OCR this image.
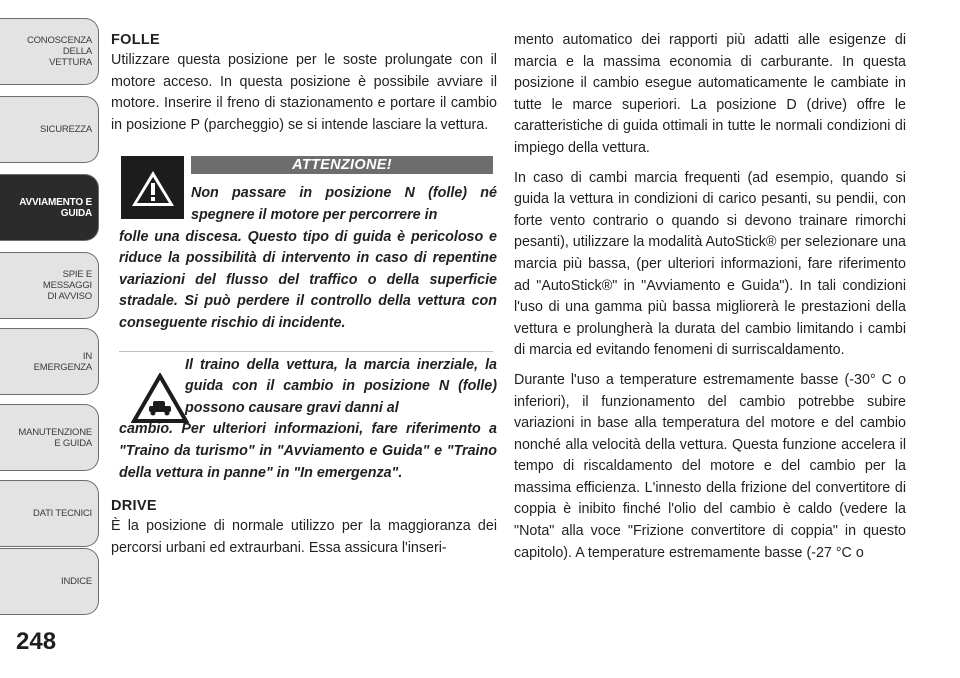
CONOSCENZA DELLA
VETTURA
SICUREZZA
AVVIAMENTO E
GUIDA
SPIE E
MESSAGGI
DI AVVISO
IN
EMERGENZA
MANUTENZIONE
E GUIDA
DATI TECNICI
INDICE
248
FOLLE

Utilizzare questa posizione per le soste prolungate con il motore acceso. In questa posizione è possibile avviare il motore. Inserire il freno di stazionamento e portare il cambio in posizione P (parcheggio) se si intende lasciare la vettura.

ATTENZIONE!
Non passare in posizione N (folle) né spegnere il motore per percorrere in
folle una discesa. Questo tipo di guida è pericoloso e riduce la possibilità di intervento in caso di repentine variazioni del flusso del traffico o della superficie stradale. Si può perdere il controllo della vettura con conseguente rischio di incidente.
Il traino della vettura, la marcia inerziale, la guida con il cambio in posizione N (folle) possono causare gravi danni al
cambio. Per ulteriori informazioni, fare riferimento a "Traino da turismo" in "Avviamento e Guida" e "Traino della vettura in panne" in "In emergenza".
DRIVE

È la posizione di normale utilizzo per la maggioranza dei percorsi urbani ed extraurbani. Essa assicura l'inseri-

mento automatico dei rapporti più adatti alle esigenze di marcia e la massima economia di carburante. In questa posizione il cambio esegue automaticamente le cambiate in tutte le marce superiori. La posizione D (drive) offre le caratteristiche di guida ottimali in tutte le normali condizioni di impiego della vettura.

In caso di cambi marcia frequenti (ad esempio, quando si guida la vettura in condizioni di carico pesanti, su pendii, con forte vento contrario o quando si devono trainare rimorchi pesanti), utilizzare la modalità AutoStick® per selezionare una marcia più bassa, (per ulteriori informazioni, fare riferimento ad "AutoStick®" in "Avviamento e Guida"). In tali condizioni l'uso di una gamma più bassa migliorerà le prestazioni della vettura e prolungherà la durata del cambio limitando i cambi di marcia ed evitando fenomeni di surriscaldamento.

Durante l'uso a temperature estremamente basse (-30° C o inferiori), il funzionamento del cambio potrebbe subire variazioni in base alla temperatura del motore e del cambio nonché alla velocità della vettura. Questa funzione accelera il tempo di riscaldamento del motore e del cambio per la massima efficienza. L'innesto della frizione del convertitore di coppia è inibito finché l'olio del cambio è caldo (vedere la "Nota" alla voce "Frizione convertitore di coppia" in questo capitolo). A temperature estremamente basse (-27 °C o
